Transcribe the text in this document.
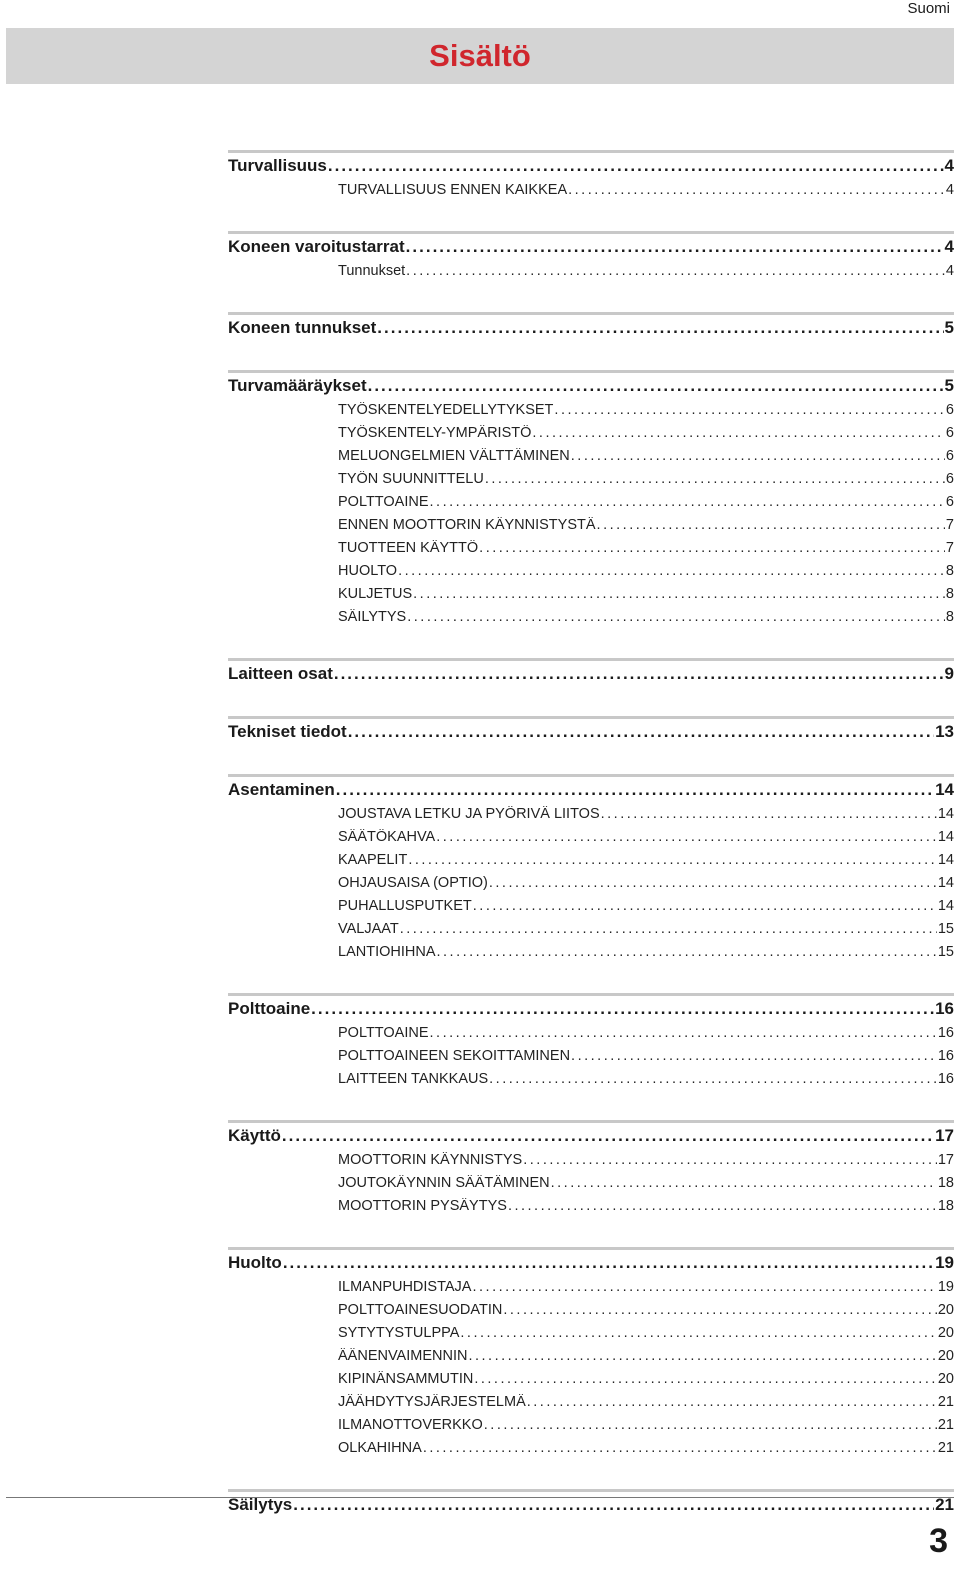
Suomi
Sisältö
Turvallisuus .....	4
TURVALLISUUS ENNEN KAIKKEA .....	4
Koneen varoitustarrat .....	4
Tunnukset .....	4
Koneen tunnukset .....	5
Turvamääräykset .....	5
TYÖSKENTELYEDELLYTYKSET .....	6
TYÖSKENTELY-YMPÄRISTÖ .....	6
MELUONGELMIEN VÄLTTÄMINEN .....	6
TYÖN SUUNNITTELU .....	6
POLTTOAINE .....	6
ENNEN MOOTTORIN KÄYNNISTYSTÄ .....	7
TUOTTEEN KÄYTTÖ .....	7
HUOLTO .....	8
KULJETUS .....	8
SÄILYTYS .....	8
Laitteen osat .....	9
Tekniset tiedot .....	13
Asentaminen .....	14
JOUSTAVA LETKU JA PYÖRIVÄ LIITOS .....	14
SÄÄTÖKAHVA .....	14
KAAPELIT .....	14
OHJAUSAISA (OPTIO) .....	14
PUHALLUSPUTKET .....	14
VALJAAT .....	15
LANTIOHIHNA .....	15
Polttoaine .....	16
POLTTOAINE .....	16
POLTTOAINEEN SEKOITTAMINEN .....	16
LAITTEEN TANKKAUS .....	16
Käyttö .....	17
MOOTTORIN KÄYNNISTYS .....	17
JOUTOKÄYNNIN SÄÄTÄMINEN .....	18
MOOTTORIN PYSÄYTYS .....	18
Huolto .....	19
ILMANPUHDISTAJA .....	19
POLTTOAINESUODATIN .....	20
SYTYTYSTULPPA .....	20
ÄÄNENVAIMENNIN .....	20
KIPINÄNSAMMUTIN .....	20
JÄÄHDYTYSJÄRJESTELMÄ .....	21
ILMANOTTOVERKKO .....	21
OLKAHIHNA .....	21
Säilytys .....	21
3
